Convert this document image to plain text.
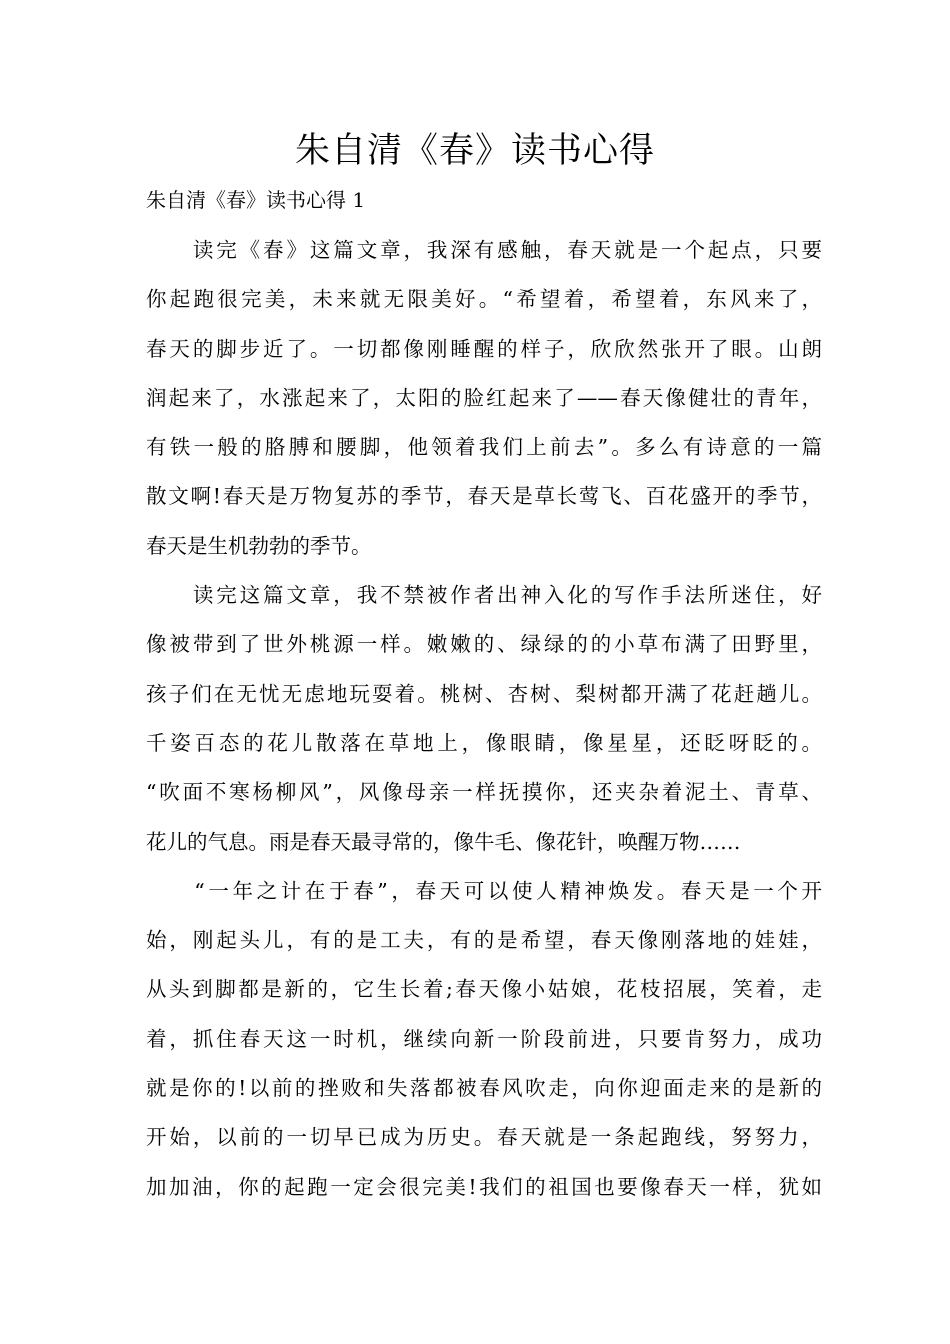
朱自清《春》读书心得

朱自清《春》读书心得 1

　　读完《春》这篇文章，我深有感触，春天就是一个起点，只要
你起跑很完美，未来就无限美好。“希望着，希望着，东风来了，
春天的脚步近了。一切都像刚睡醒的样子，欣欣然张开了眼。山朗
润起来了，水涨起来了，太阳的脸红起来了——春天像健壮的青年，
有铁一般的胳膊和腰脚，他领着我们上前去”。多么有诗意的一篇
散文啊!春天是万物复苏的季节，春天是草长莺飞、百花盛开的季节，
春天是生机勃勃的季节。
　　读完这篇文章，我不禁被作者出神入化的写作手法所迷住，好
像被带到了世外桃源一样。嫩嫩的、绿绿的的小草布满了田野里，
孩子们在无忧无虑地玩耍着。桃树、杏树、梨树都开满了花赶趟儿。
千姿百态的花儿散落在草地上，像眼睛，像星星，还眨呀眨的。
“吹面不寒杨柳风”，风像母亲一样抚摸你，还夹杂着泥土、青草、
花儿的气息。雨是春天最寻常的，像牛毛、像花针，唤醒万物……
　　“一年之计在于春”，春天可以使人精神焕发。春天是一个开
始，刚起头儿，有的是工夫，有的是希望，春天像刚落地的娃娃，
从头到脚都是新的，它生长着;春天像小姑娘，花枝招展，笑着，走
着，抓住春天这一时机，继续向新一阶段前进，只要肯努力，成功
就是你的!以前的挫败和失落都被春风吹走，向你迎面走来的是新的
开始，以前的一切早已成为历史。春天就是一条起跑线，努努力，
加加油，你的起跑一定会很完美!我们的祖国也要像春天一样，犹如
